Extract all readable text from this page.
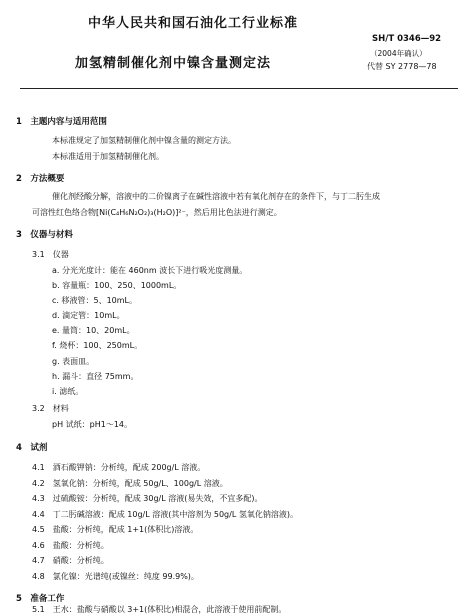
中华人民共和国石油化工行业标准
SH/T 0346—92
（2004年确认）
代替 SY 2778—78
加氢精制催化剂中镍含量测定法
1　主题内容与适用范围
本标准规定了加氢精制催化剂中镍含量的测定方法。
本标准适用于加氢精制催化剂。
2　方法概要
催化剂经酸分解，溶液中的二价镍离子在碱性溶液中若有氧化剂存在的条件下，与丁二肟生成
可溶性红色络合物[Ni(C₄H₆N₂O₂)₃(H₂O)]²⁻，然后用比色法进行测定。
3　仪器与材料
3.1　仪器
a. 分光光度计：能在 460nm 波长下进行吸光度测量。
b. 容量瓶：100、250、1000mL。
c. 移液管：5、10mL。
d. 滴定管：10mL。
e. 量筒：10、20mL。
f. 烧杯：100、250mL。
g. 表面皿。
h. 漏斗：直径 75mm。
i. 滤纸。
3.2　材料
pH 试纸：pH1～14。
4　试剂
4.1　酒石酸钾钠：分析纯，配成 200g/L 溶液。
4.2　氢氧化钠：分析纯，配成 50g/L、100g/L 溶液。
4.3　过硫酸铵：分析纯，配成 30g/L 溶液(易失效，不宜多配)。
4.4　丁二肟碱溶液：配成 10g/L 溶液(其中溶剂为 50g/L 氢氧化钠溶液)。
4.5　盐酸：分析纯，配成 1+1(体积比)溶液。
4.6　盐酸：分析纯。
4.7　硝酸：分析纯。
4.8　氯化镍：光谱纯(或镍丝：纯度 99.9%)。
5　准备工作
5.1　王水：盐酸与硝酸以 3+1(体积比)相混合，此溶液于使用前配制。
